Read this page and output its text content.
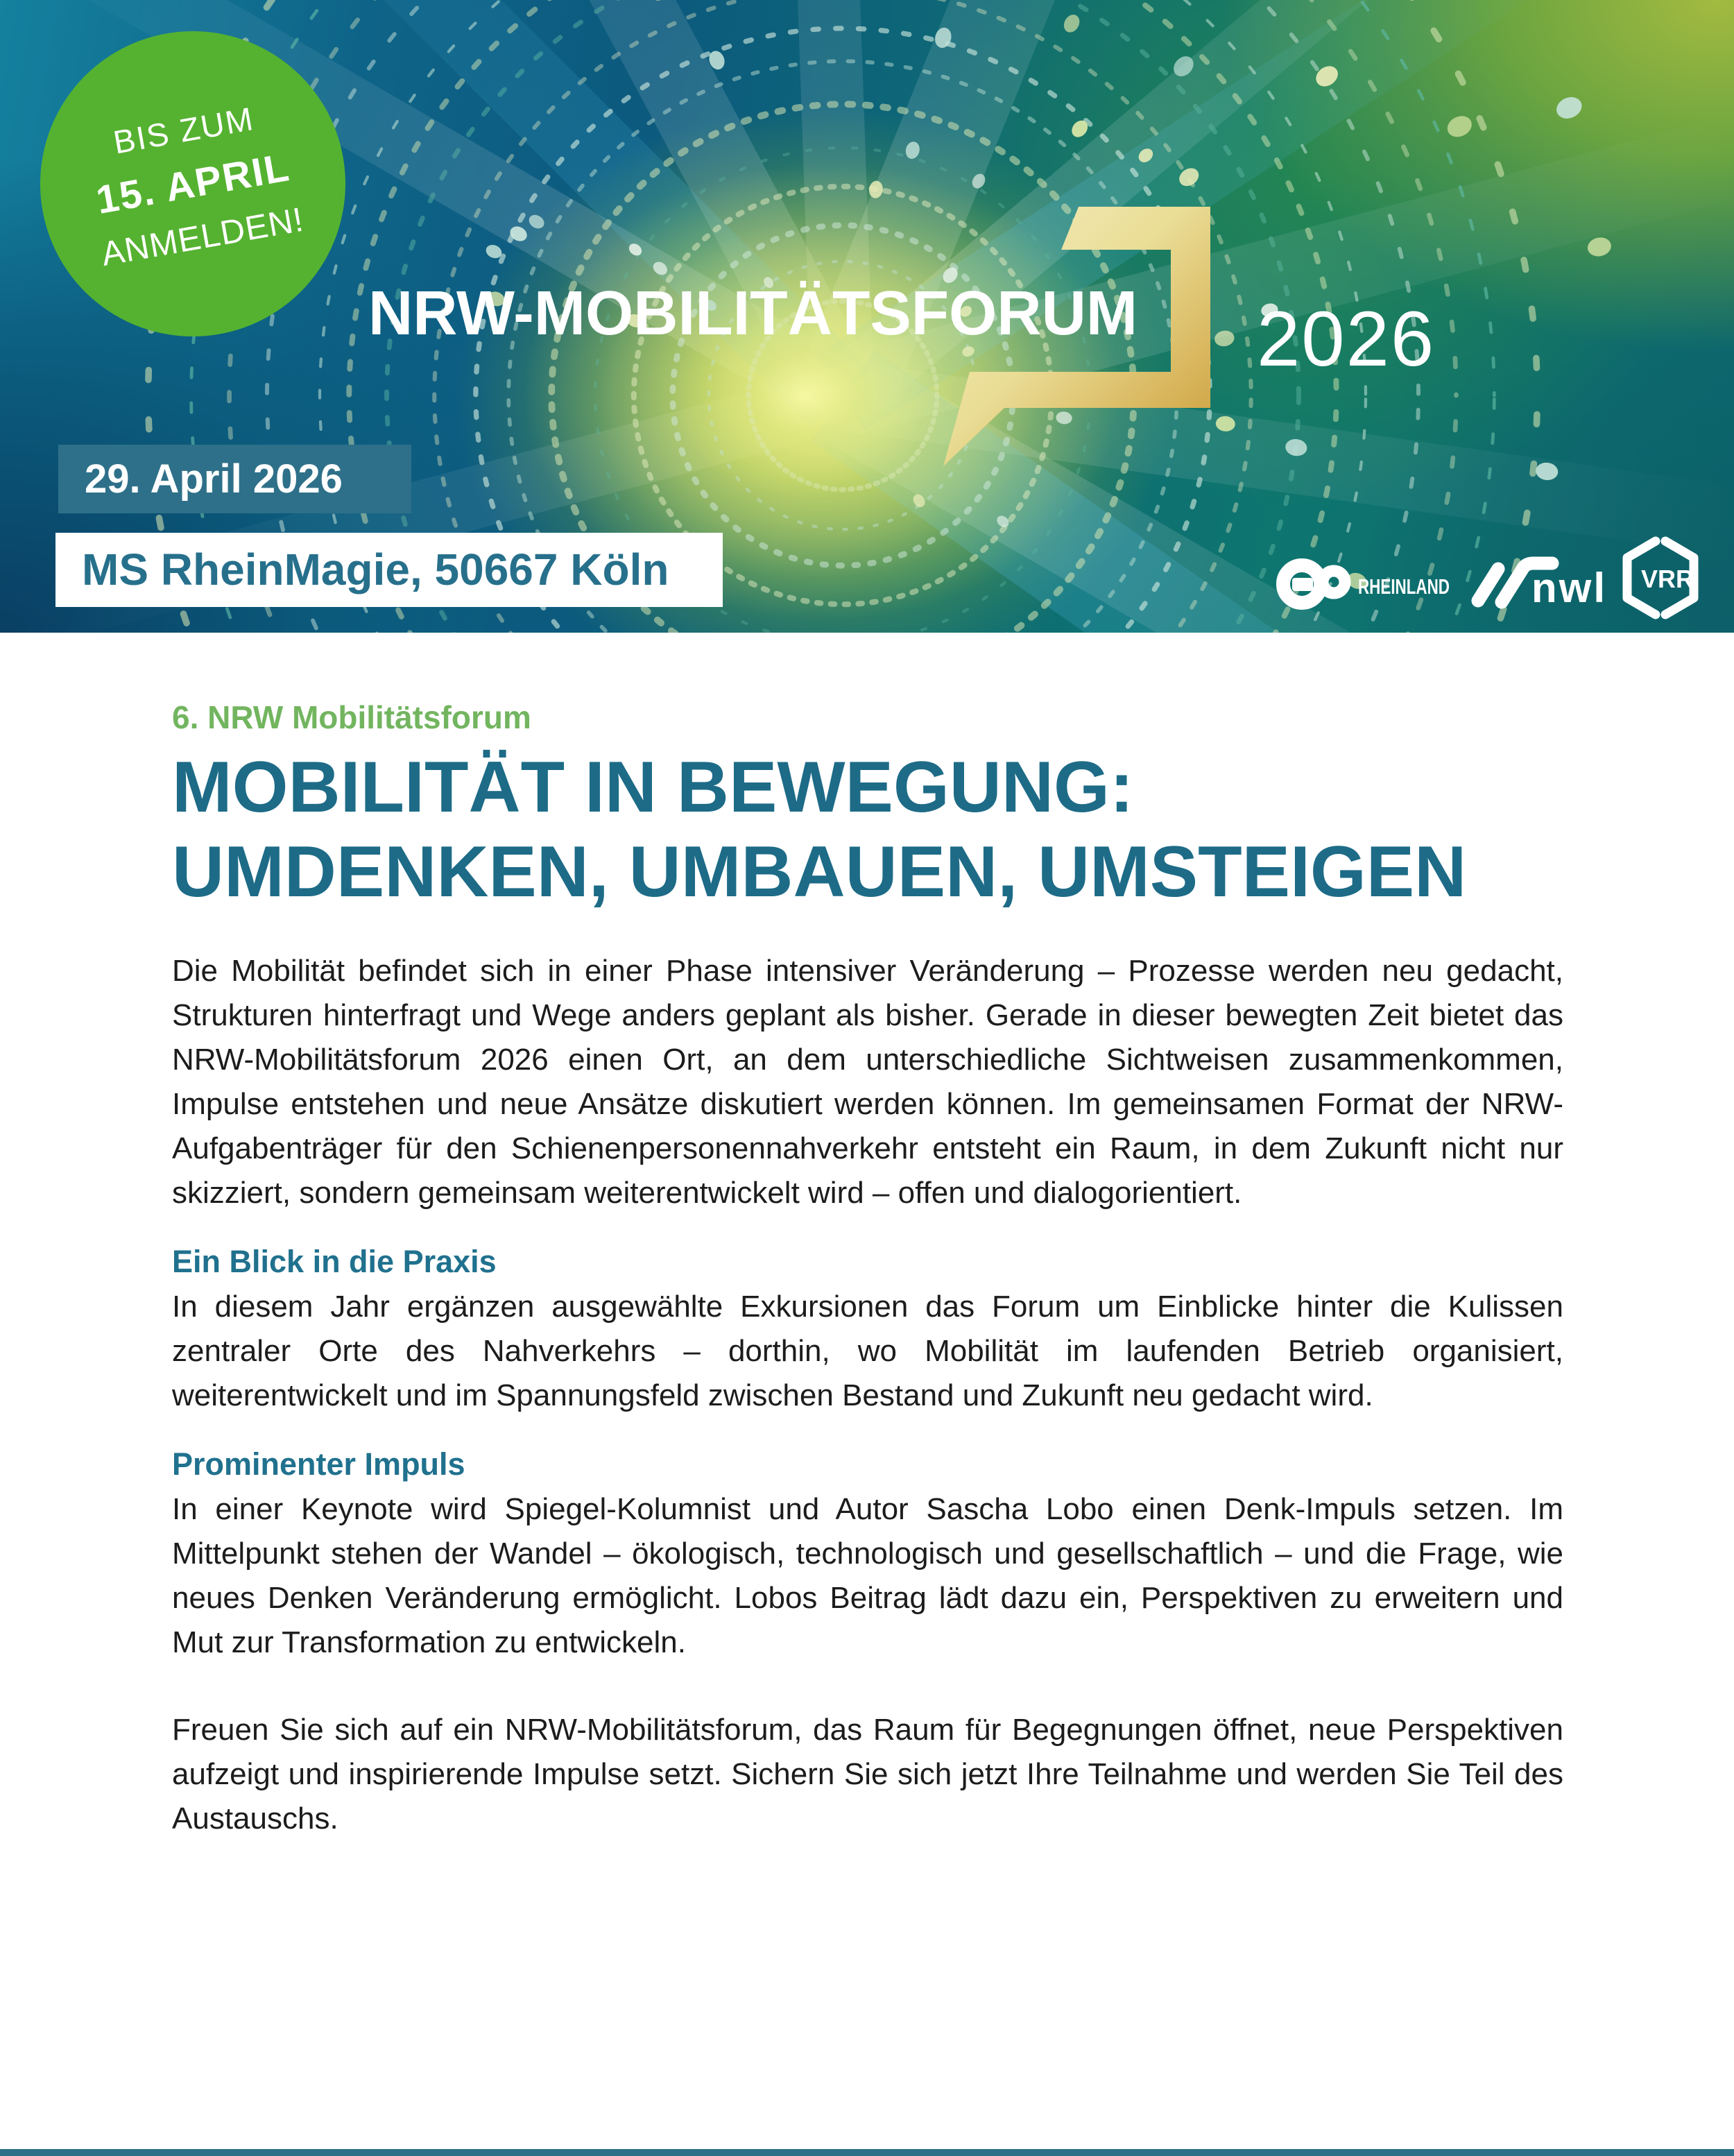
NRW-MOBILITÄTSFORUM 2026
RHEINLAND nwl VRR
BIS ZUM
15. APRIL
ANMELDEN!
29. April 2026
MS RheinMagie, 50667 Köln

6. NRW Mobilitätsforum

MOBILITÄT IN BEWEGUNG:
UMDENKEN, UMBAUEN, UMSTEIGEN

Die Mobilität befindet sich in einer Phase intensiver Veränderung – Prozesse werden neu gedacht, Strukturen hinterfragt und Wege anders geplant als bisher. Gerade in dieser bewegten Zeit bietet das NRW-Mobilitätsforum 2026 einen Ort, an dem unterschiedliche Sichtweisen zusammenkommen, Impulse entstehen und neue Ansätze diskutiert werden können. Im gemeinsamen Format der NRW-Aufgabenträger für den Schienenpersonennahverkehr entsteht ein Raum, in dem Zukunft nicht nur skizziert, sondern gemeinsam weiterentwickelt wird – offen und dialogorientiert.

Ein Blick in die Praxis

In diesem Jahr ergänzen ausgewählte Exkursionen das Forum um Einblicke hinter die Kulissen zentraler Orte des Nahverkehrs – dorthin, wo Mobilität im laufenden Betrieb organisiert, weiterentwickelt und im Spannungsfeld zwischen Bestand und Zukunft neu gedacht wird.

Prominenter Impuls

In einer Keynote wird Spiegel-Kolumnist und Autor Sascha Lobo einen Denk-Impuls setzen. Im Mittelpunkt stehen der Wandel – ökologisch, technologisch und gesellschaftlich – und die Frage, wie neues Denken Veränderung ermöglicht. Lobos Beitrag lädt dazu ein, Perspektiven zu erweitern und Mut zur Transformation zu entwickeln.

Freuen Sie sich auf ein NRW-Mobilitätsforum, das Raum für Begegnungen öffnet, neue Perspektiven aufzeigt und inspirierende Impulse setzt. Sichern Sie sich jetzt Ihre Teilnahme und werden Sie Teil des Austauschs.
